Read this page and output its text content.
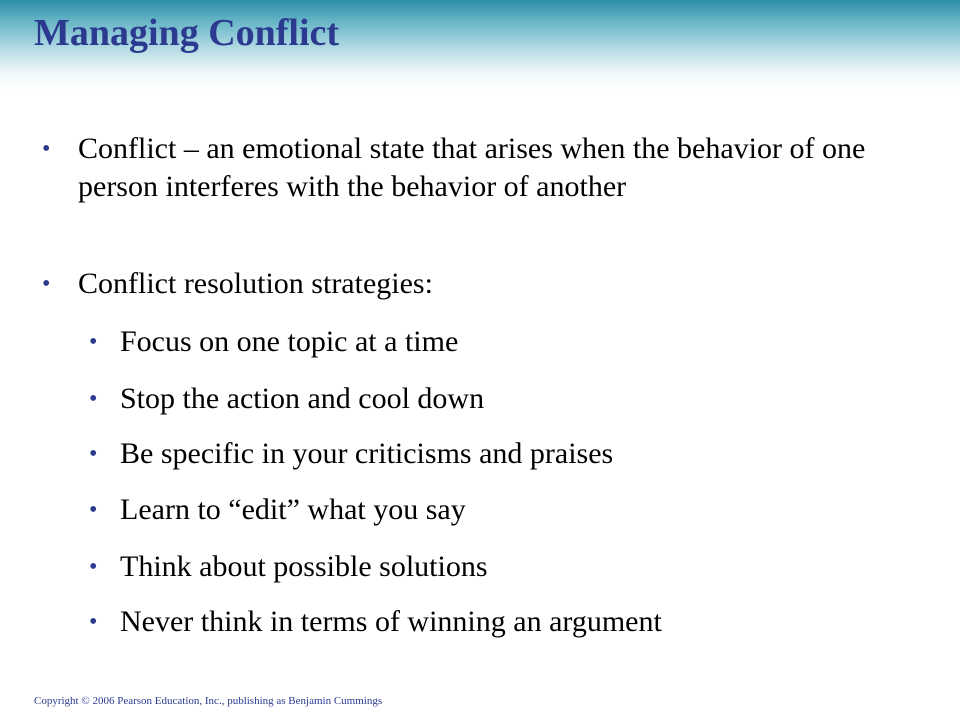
Managing Conflict
• Conflict – an emotional state that arises when the behavior of one person interferes with the behavior of another
• Conflict resolution strategies:
• Focus on one topic at a time
• Stop the action and cool down
• Be specific in your criticisms and praises
• Learn to “edit” what you say
• Think about possible solutions
• Never think in terms of winning an argument
Copyright © 2006 Pearson Education, Inc., publishing as Benjamin Cummings
